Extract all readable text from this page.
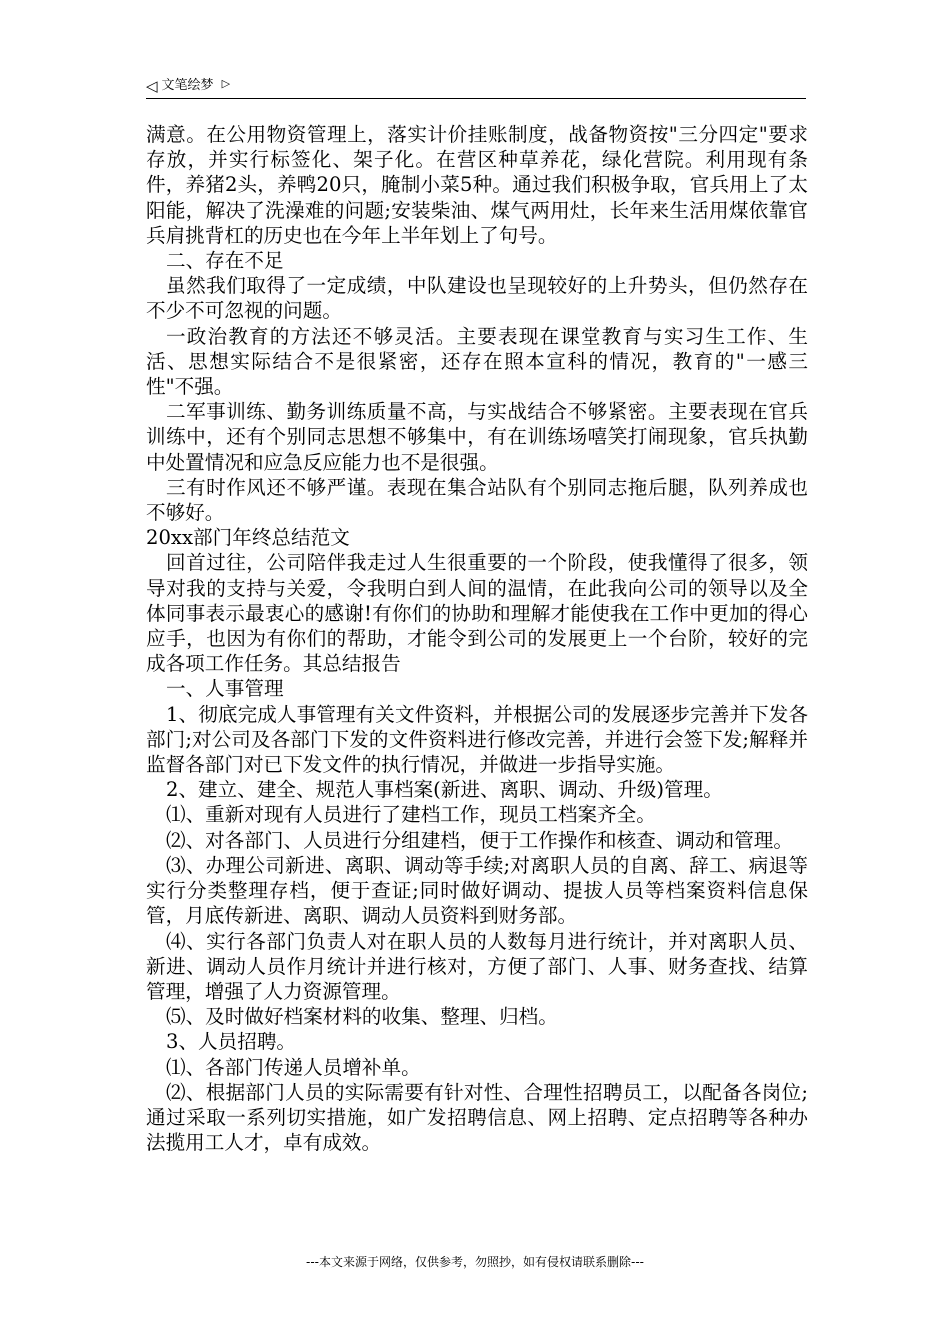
◁ 文笔绘梦 ▷

满意。在公用物资管理上，落实计价挂账制度，战备物资按"三分四定"要求存放，并实行标签化、架子化。在营区种草养花，绿化营院。利用现有条件，养猪2头，养鸭20只，腌制小菜5种。通过我们积极争取，官兵用上了太阳能，解决了洗澡难的问题;安装柴油、煤气两用灶，长年来生活用煤依靠官兵肩挑背杠的历史也在今年上半年划上了句号。

二、存在不足

虽然我们取得了一定成绩，中队建设也呈现较好的上升势头，但仍然存在不少不可忽视的问题。

一政治教育的方法还不够灵活。主要表现在课堂教育与实习生工作、生活、思想实际结合不是很紧密，还存在照本宣科的情况，教育的"一感三性"不强。

二军事训练、勤务训练质量不高，与实战结合不够紧密。主要表现在官兵训练中，还有个别同志思想不够集中，有在训练场嘻笑打闹现象，官兵执勤中处置情况和应急反应能力也不是很强。

三有时作风还不够严谨。表现在集合站队有个别同志拖后腿，队列养成也不够好。

20xx部门年终总结范文

回首过往，公司陪伴我走过人生很重要的一个阶段，使我懂得了很多，领导对我的支持与关爱，令我明白到人间的温情，在此我向公司的领导以及全体同事表示最衷心的感谢!有你们的协助和理解才能使我在工作中更加的得心应手，也因为有你们的帮助，才能令到公司的发展更上一个台阶，较好的完成各项工作任务。其总结报告

一、人事管理

1、彻底完成人事管理有关文件资料，并根据公司的发展逐步完善并下发各部门;对公司及各部门下发的文件资料进行修改完善，并进行会签下发;解释并监督各部门对已下发文件的执行情况，并做进一步指导实施。

2、建立、建全、规范人事档案(新进、离职、调动、升级)管理。

⑴、重新对现有人员进行了建档工作，现员工档案齐全。

⑵、对各部门、人员进行分组建档，便于工作操作和核查、调动和管理。

⑶、办理公司新进、离职、调动等手续;对离职人员的自离、辞工、病退等实行分类整理存档，便于查证;同时做好调动、提拔人员等档案资料信息保管，月底传新进、离职、调动人员资料到财务部。

⑷、实行各部门负责人对在职人员的人数每月进行统计，并对离职人员、新进、调动人员作月统计并进行核对，方便了部门、人事、财务查找、结算管理，增强了人力资源管理。

⑸、及时做好档案材料的收集、整理、归档。

3、人员招聘。

⑴、各部门传递人员增补单。

⑵、根据部门人员的实际需要有针对性、合理性招聘员工，以配备各岗位;通过采取一系列切实措施，如广发招聘信息、网上招聘、定点招聘等各种办法揽用工人才，卓有成效。

---本文来源于网络，仅供参考，勿照抄，如有侵权请联系删除---
